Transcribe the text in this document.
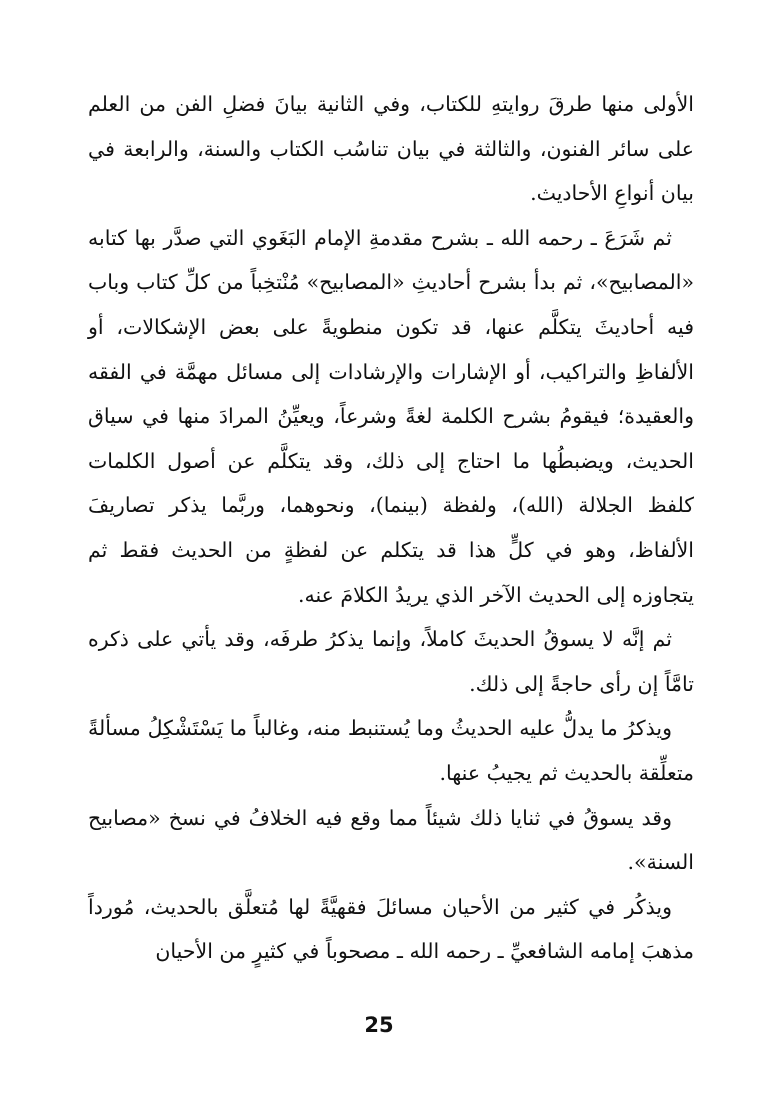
الأولى منها طرقَ روايتهِ للكتاب، وفي الثانية بيانَ فضلِ الفن من العلم على سائر الفنون، والثالثة في بيان تناسُب الكتاب والسنة، والرابعة في بيان أنواعِ الأحاديث.

ثم شَرَعَ ـ رحمه الله ـ بشرح مقدمةِ الإمام البَغَوي التي صدَّر بها كتابه «المصابيح»، ثم بدأ بشرح أحاديثِ «المصابيح» مُنْتخِباً من كلِّ كتاب وباب فيه أحاديثَ يتكلَّم عنها، قد تكون منطويةً على بعض الإشكالات، أو الألفاظِ والتراكيب، أو الإشارات والإرشادات إلى مسائل مهمَّة في الفقه والعقيدة؛ فيقومُ بشرح الكلمة لغةً وشرعاً، ويعيِّنُ المرادَ منها في سياق الحديث، ويضبطُها ما احتاج إلى ذلك، وقد يتكلَّم عن أصول الكلمات كلفظ الجلالة (الله)، ولفظة (بينما)، ونحوهما، وربَّما يذكر تصاريفَ الألفاظ، وهو في كلٍّ هذا قد يتكلم عن لفظةٍ من الحديث فقط ثم يتجاوزه إلى الحديث الآخر الذي يريدُ الكلامَ عنه.

ثم إنَّه لا يسوقُ الحديثَ كاملاً، وإنما يذكرُ طرفَه، وقد يأتي على ذكره تامَّاً إن رأى حاجةً إلى ذلك.

ويذكرُ ما يدلُّ عليه الحديثُ وما يُستنبط منه، وغالباً ما يَسْتَشْكِلُ مسألةً متعلِّقة بالحديث ثم يجيبُ عنها.

وقد يسوقُ في ثنايا ذلك شيئاً مما وقع فيه الخلافُ في نسخ «مصابيح السنة».

ويذكُر في كثير من الأحيان مسائلَ فقهيَّةً لها مُتعلَّق بالحديث، مُورداً مذهبَ إمامه الشافعيِّ ـ رحمه الله ـ مصحوباً في كثيرٍ من الأحيان

25
